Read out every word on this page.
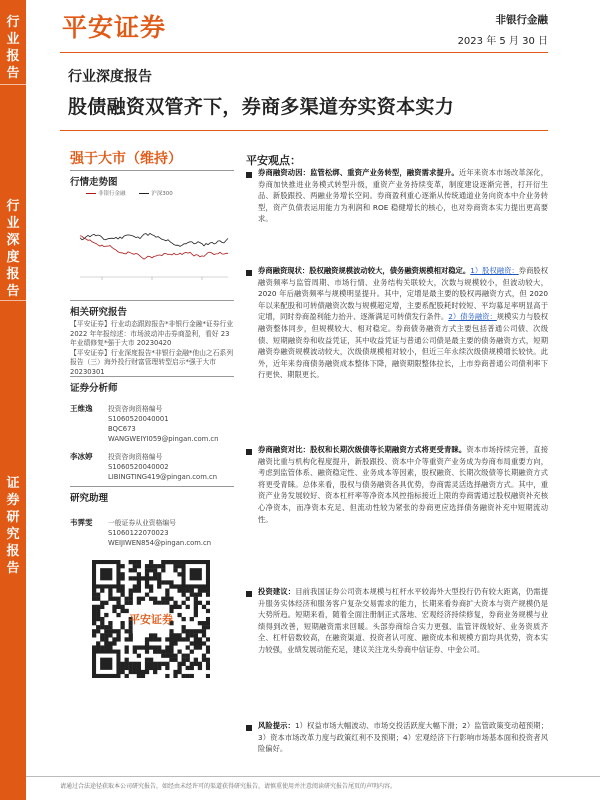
行
业
报
告
行
业
深
度
报
告
证
券
研
究
报
告
平安证券	非银行金融
2023 年 5 月 30 日
行业深度报告
股债融资双管齐下，券商多渠道夯实资本实力
强于大市（维持）
行情走势图
非银行金融	沪深300
相关研究报告
【平安证券】行业动态跟踪报告*非银行金融*证券行业 2022 年年报综述：市场波动冲击券商盈利，看好 23 年业绩修复*强于大市 20230420
【平安证券】行业深度报告*非银行金融*他山之石系列报告（三）海外投行财富管理转型启示*强于大市 20230301
证券分析师
王维逸 投资咨询资格编号
S1060520040001
BQC673
WANGWEIYI059@pingan.com.cn
李冰婷 投资咨询资格编号
S1060520040002
LIBINGTING419@pingan.com.cn
研究助理
韦霁雯 一般证券从业资格编号
S1060122070023
WEIJIWEN854@pingan.com.cn
平安证券
平安观点：
券商融资动因：监管松绑、重资产业务转型，融资需求提升。近年来资本市场改革深化，券商加快推进业务模式转型升级，重资产业务持续变革，制度建设逐渐完善，打开衍生品、新股跟投、两融业务增长空间。券商盈利重心逐渐从传统通道业务向资本中介业务转型，资产负债表运用能力为利润和 ROE 稳健增长的核心，也对券商资本实力提出更高要求。
券商融资现状：股权融资规模波动较大，债务融资规模相对稳定。1）股权融资：券商股权融资频率与监管周期、市场行情、业务结构关联较大，次数与规模较小，但波动较大，2020 年后融资频率与规模明显提升。其中，定增是最主要的股权再融资方式，但 2020 年以来配股和可转债融资次数与规模超定增，主要系配股耗时较短、平均募足率明显高于定增，同时券商盈利能力抬升、逐渐满足可转债发行条件。2）债务融资：规模实力与股权融资整体同步，但规模较大、相对稳定。券商债务融资方式主要包括普通公司债、次级债、短期融资券和收益凭证，其中收益凭证与普通公司债是最主要的债务融资方式，短期融资券融资规模波动较大，次级债规模相对较小，但近三年永续次级债规模增长较快。此外，近年来券商债务融资成本整体下降，融资期限整体拉长，上市券商普通公司债利率下行更快、期限更长。
券商融资对比：股权和长期次级债等长期融资方式将更受青睐。资本市场持续完善，直接融资比重与机构化程度提升，新股跟投、资本中介等重资产业务成为券商布局重要方向，考虑到监管体系、融资稳定性、业务成本等因素，股权融资、长期次级债等长期融资方式将更受青睐。总体来看，股权与债务融资各具优势，券商需灵活选择融资方式。其中，重资产业务发展较好、资本杠杆率等净资本风控指标接近上限的券商需通过股权融资补充核心净资本，而净资本充足、但流动性较为紧张的券商更应选择债务融资补充中短期流动性。
投资建议：目前我国证券公司资本规模与杠杆水平较海外大型投行仍有较大距离，仍需提升服务实体经济和服务客户复杂交易需求的能力，长期来看券商扩大资本与资产规模仍是大势所趋。短期来看，随着全面注册制正式落地、宏观经济持续修复，券商业务规模与业绩得到改善，短期融资需求回暖。头部券商综合实力更强、监管评级较好、业务资质齐全、杠杆倍数较高，在融资渠道、投资者认可度、融资成本和规模方面均具优势，资本实力较强，业绩发展动能充足，建议关注龙头券商中信证券、中金公司。
风险提示：1）权益市场大幅波动、市场交投活跃度大幅下滑；2）监管政策变动超预期；3）资本市场改革力度与政策红利不及预期；4）宏观经济下行影响市场基本面和投资者风险偏好。
请通过合法途径获取本公司研究报告，如经由未经许可的渠道获得研究报告，请慎重使用并注意阅读研究报告尾页的声明内容。
